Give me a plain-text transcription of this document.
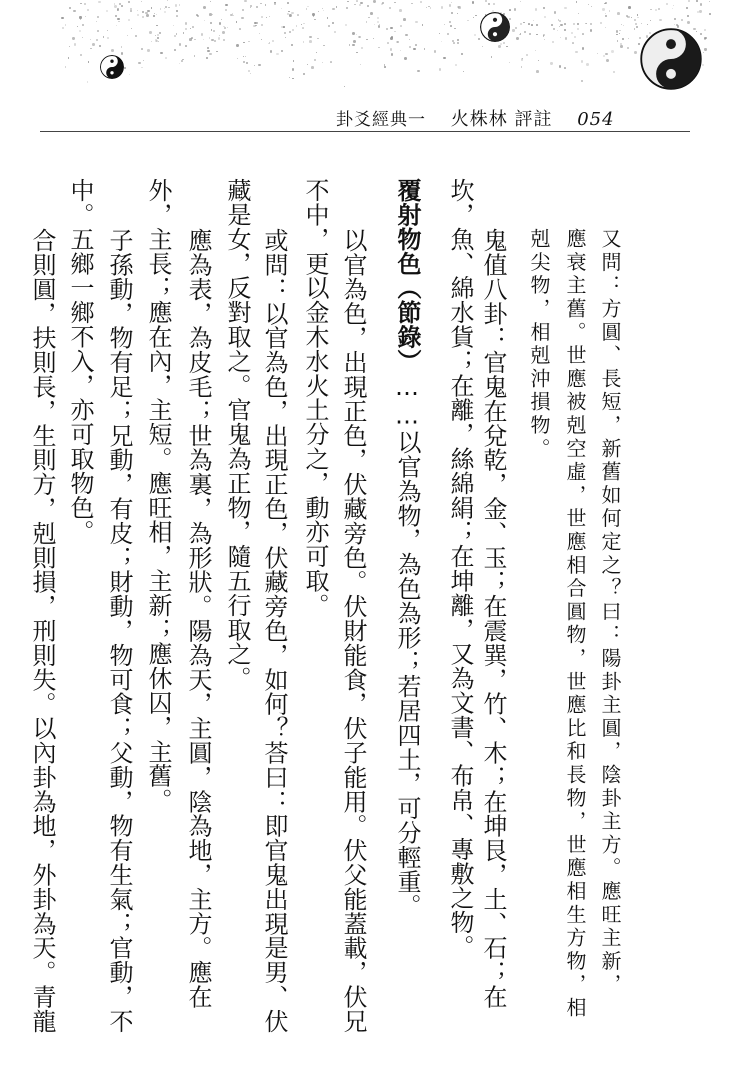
卦爻經典一 火株林 評註 054
又問：方圓、長短，新舊如何定之？曰：陽卦主圓，陰卦主方。應旺主新，
應衰主舊。世應被剋空虛，世應相合圓物，世應比和長物，世應相生方物，相
剋尖物，相剋沖損物。
鬼值八卦：官鬼在兌乾，金、玉；在震巽，竹、木；在坤艮，土、石；在
坎，魚、綿水貨；在離，絲綿絹；在坤離，又為文書、布帛、專敷之物。
覆射物色（節錄）……以官為物，為色為形；若居四土，可分輕重。
以官為色，出現正色，伏藏旁色。伏財能食，伏子能用。伏父能蓋載，伏兄
不中，更以金木水火土分之，動亦可取。
或問：以官為色，出現正色，伏藏旁色，如何？荅曰：即官鬼出現是男、伏
藏是女，反對取之。官鬼為正物，隨五行取之。
應為表，為皮毛；世為裏，為形狀。陽為天，主圓，陰為地，主方。應在
外，主長；應在內，主短。應旺相，主新；應休囚，主舊。
子孫動，物有足；兄動，有皮；財動，物可食；父動，物有生氣；官動，不
中。五鄉一鄉不入，亦可取物色。
合則圓，扶則長，生則方，剋則損，刑則失。以內卦為地，外卦為天。青龍
